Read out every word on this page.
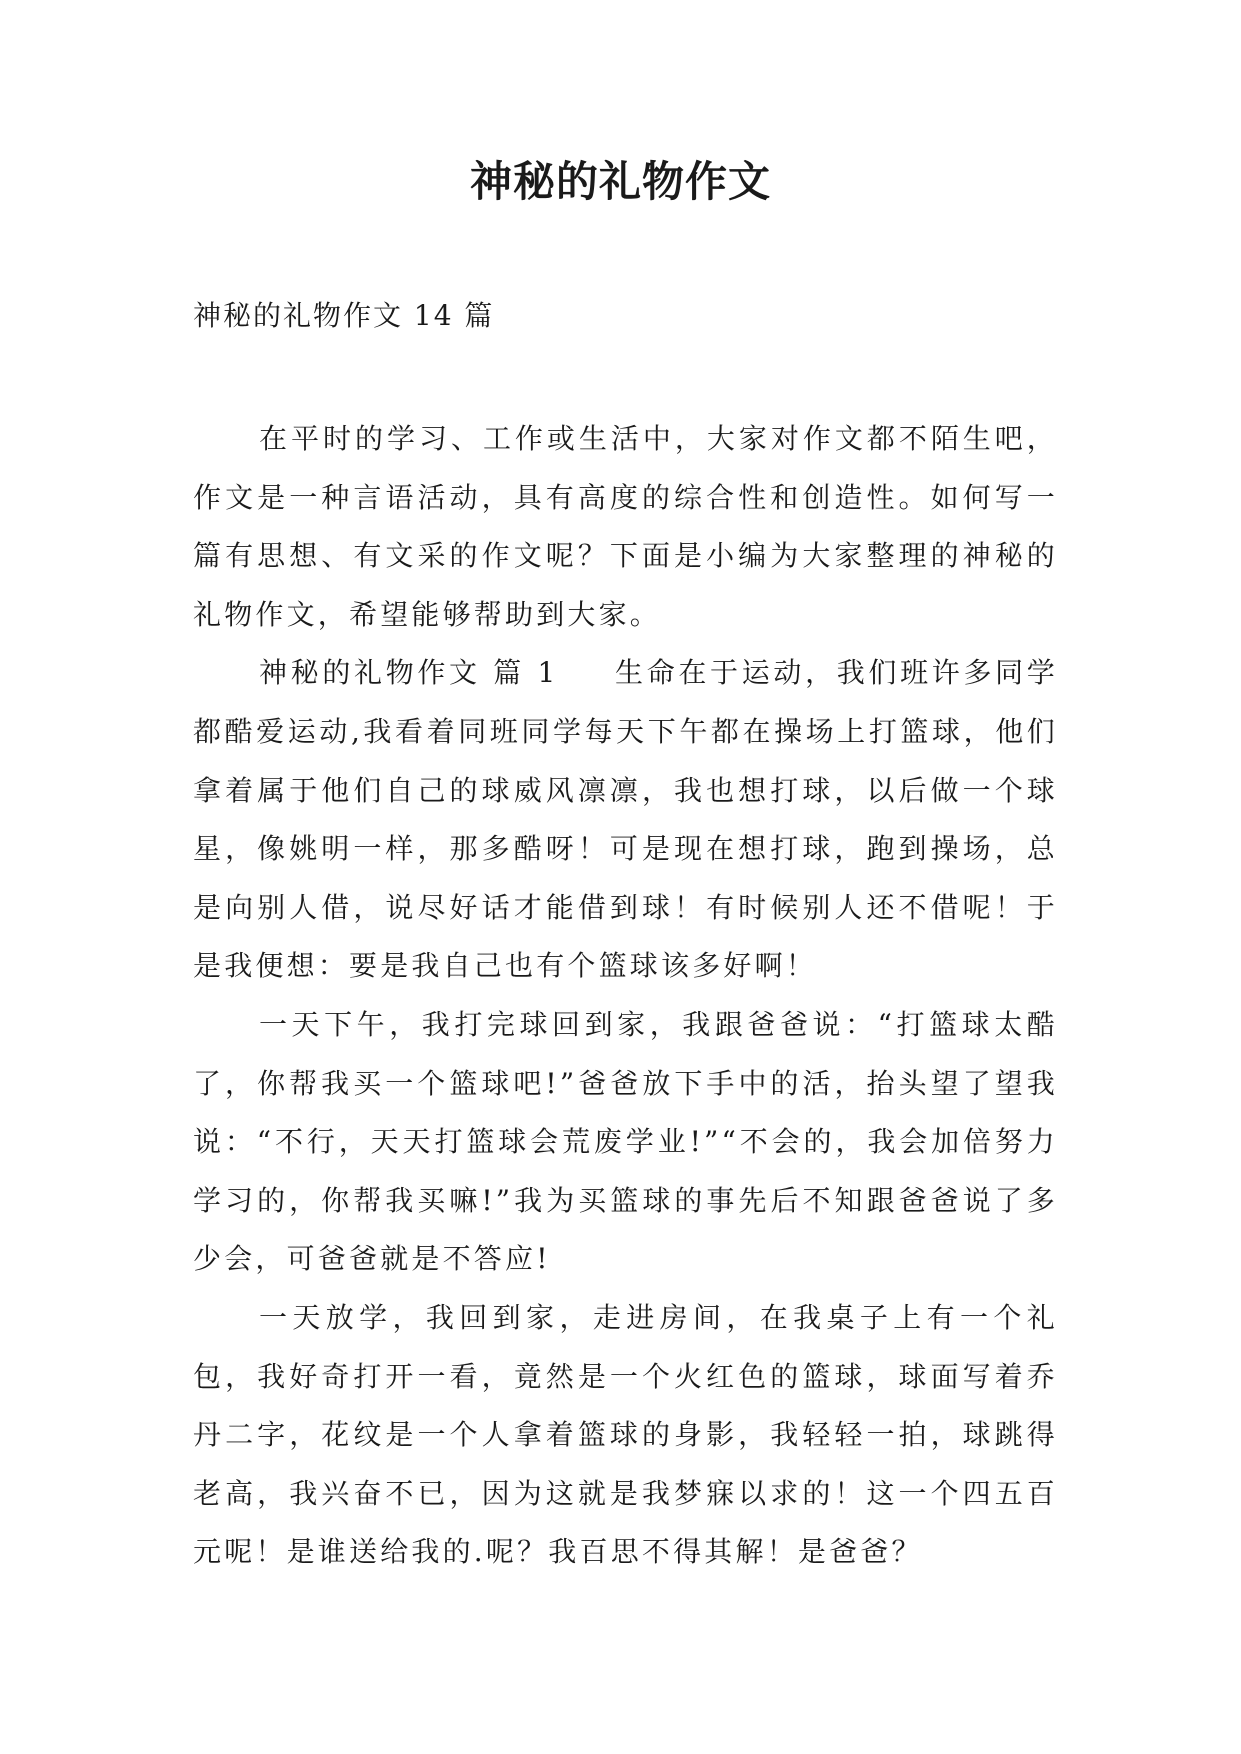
神秘的礼物作文

神秘的礼物作文 14 篇

在平时的学习、工作或生活中，大家对作文都不陌生吧，作文是一种言语活动，具有高度的综合性和创造性。如何写一篇有思想、有文采的作文呢？下面是小编为大家整理的神秘的礼物作文，希望能够帮助到大家。

神秘的礼物作文 篇 1 生命在于运动，我们班许多同学都酷爱运动,我看着同班同学每天下午都在操场上打篮球，他们拿着属于他们自己的球威风凛凛，我也想打球，以后做一个球星，像姚明一样，那多酷呀！可是现在想打球，跑到操场，总是向别人借，说尽好话才能借到球！有时候别人还不借呢！于是我便想：要是我自己也有个篮球该多好啊！

一天下午，我打完球回到家，我跟爸爸说：“打篮球太酷了，你帮我买一个篮球吧!”爸爸放下手中的活，抬头望了望我说：“不行，天天打篮球会荒废学业!”“不会的，我会加倍努力学习的，你帮我买嘛!”我为买篮球的事先后不知跟爸爸说了多少会，可爸爸就是不答应!

一天放学，我回到家，走进房间，在我桌子上有一个礼包，我好奇打开一看，竟然是一个火红色的篮球，球面写着乔丹二字，花纹是一个人拿着篮球的身影，我轻轻一拍，球跳得老高，我兴奋不已，因为这就是我梦寐以求的！这一个四五百元呢！是谁送给我的.呢？我百思不得其解！是爸爸？
